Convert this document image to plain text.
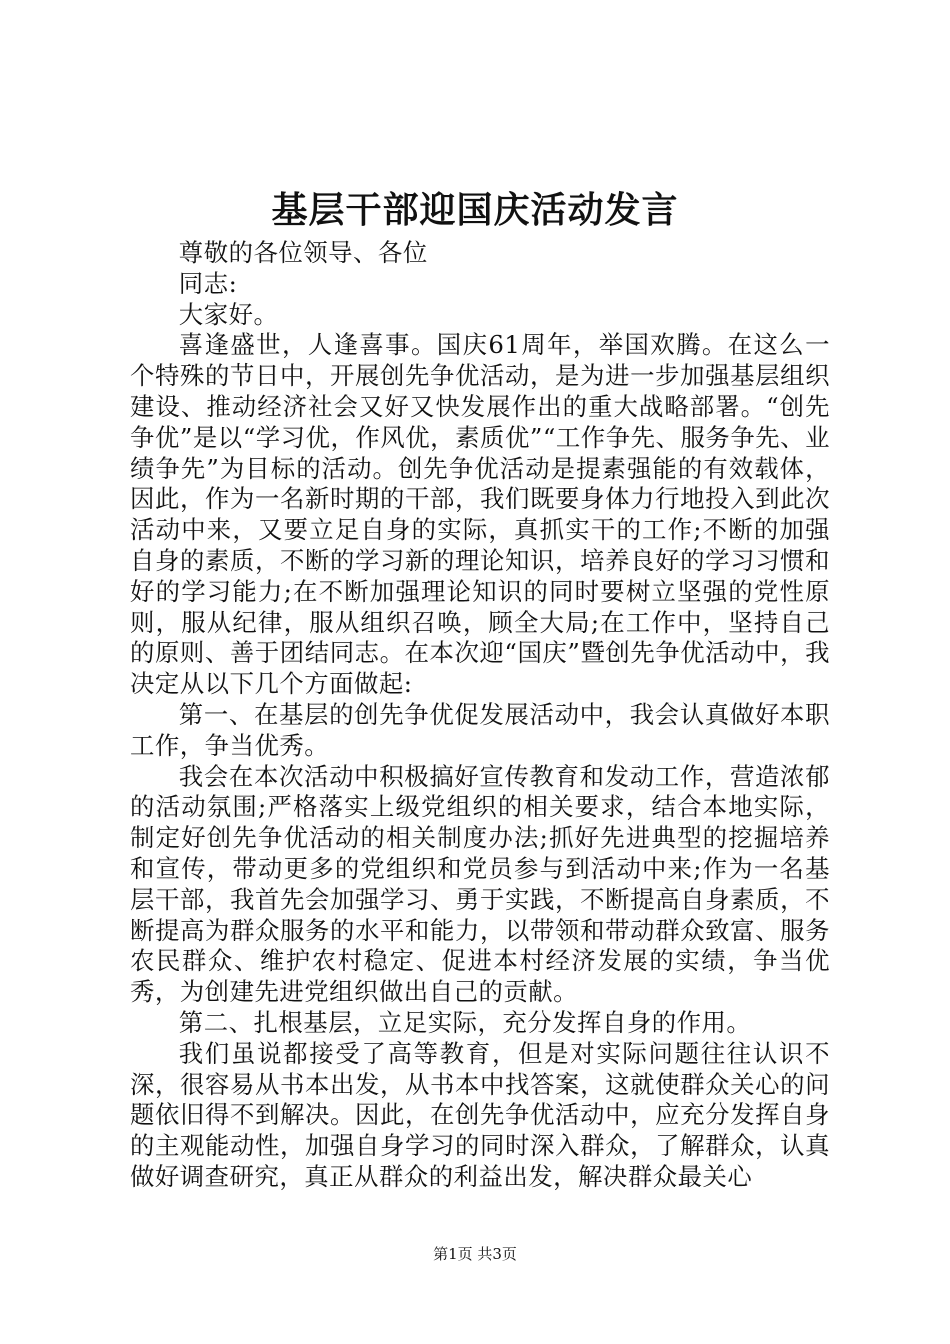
基层干部迎国庆活动发言

尊敬的各位领导、各位

同志:

大家好。

喜逢盛世，人逢喜事。国庆61周年，举国欢腾。在这么一个特殊的节日中，开展创先争优活动，是为进一步加强基层组织建设、推动经济社会又好又快发展作出的重大战略部署。“创先争优”是以“学习优，作风优，素质优”“工作争先、服务争先、业绩争先”为目标的活动。创先争优活动是提素强能的有效载体，因此，作为一名新时期的干部，我们既要身体力行地投入到此次活动中来，又要立足自身的实际，真抓实干的工作;不断的加强自身的素质，不断的学习新的理论知识，培养良好的学习习惯和好的学习能力;在不断加强理论知识的同时要树立坚强的党性原则，服从纪律，服从组织召唤，顾全大局;在工作中，坚持自己的原则、善于团结同志。在本次迎“国庆”暨创先争优活动中，我决定从以下几个方面做起:

第一、在基层的创先争优促发展活动中，我会认真做好本职工作，争当优秀。

我会在本次活动中积极搞好宣传教育和发动工作，营造浓郁的活动氛围;严格落实上级党组织的相关要求，结合本地实际，制定好创先争优活动的相关制度办法;抓好先进典型的挖掘培养和宣传，带动更多的党组织和党员参与到活动中来;作为一名基层干部，我首先会加强学习、勇于实践，不断提高自身素质，不断提高为群众服务的水平和能力，以带领和带动群众致富、服务农民群众、维护农村稳定、促进本村经济发展的实绩，争当优秀，为创建先进党组织做出自己的贡献。

第二、扎根基层，立足实际，充分发挥自身的作用。

我们虽说都接受了高等教育，但是对实际问题往往认识不深，很容易从书本出发，从书本中找答案，这就使群众关心的问题依旧得不到解决。因此，在创先争优活动中，应充分发挥自身的主观能动性，加强自身学习的同时深入群众，了解群众，认真做好调查研究，真正从群众的利益出发，解决群众最关心

第1页 共3页
